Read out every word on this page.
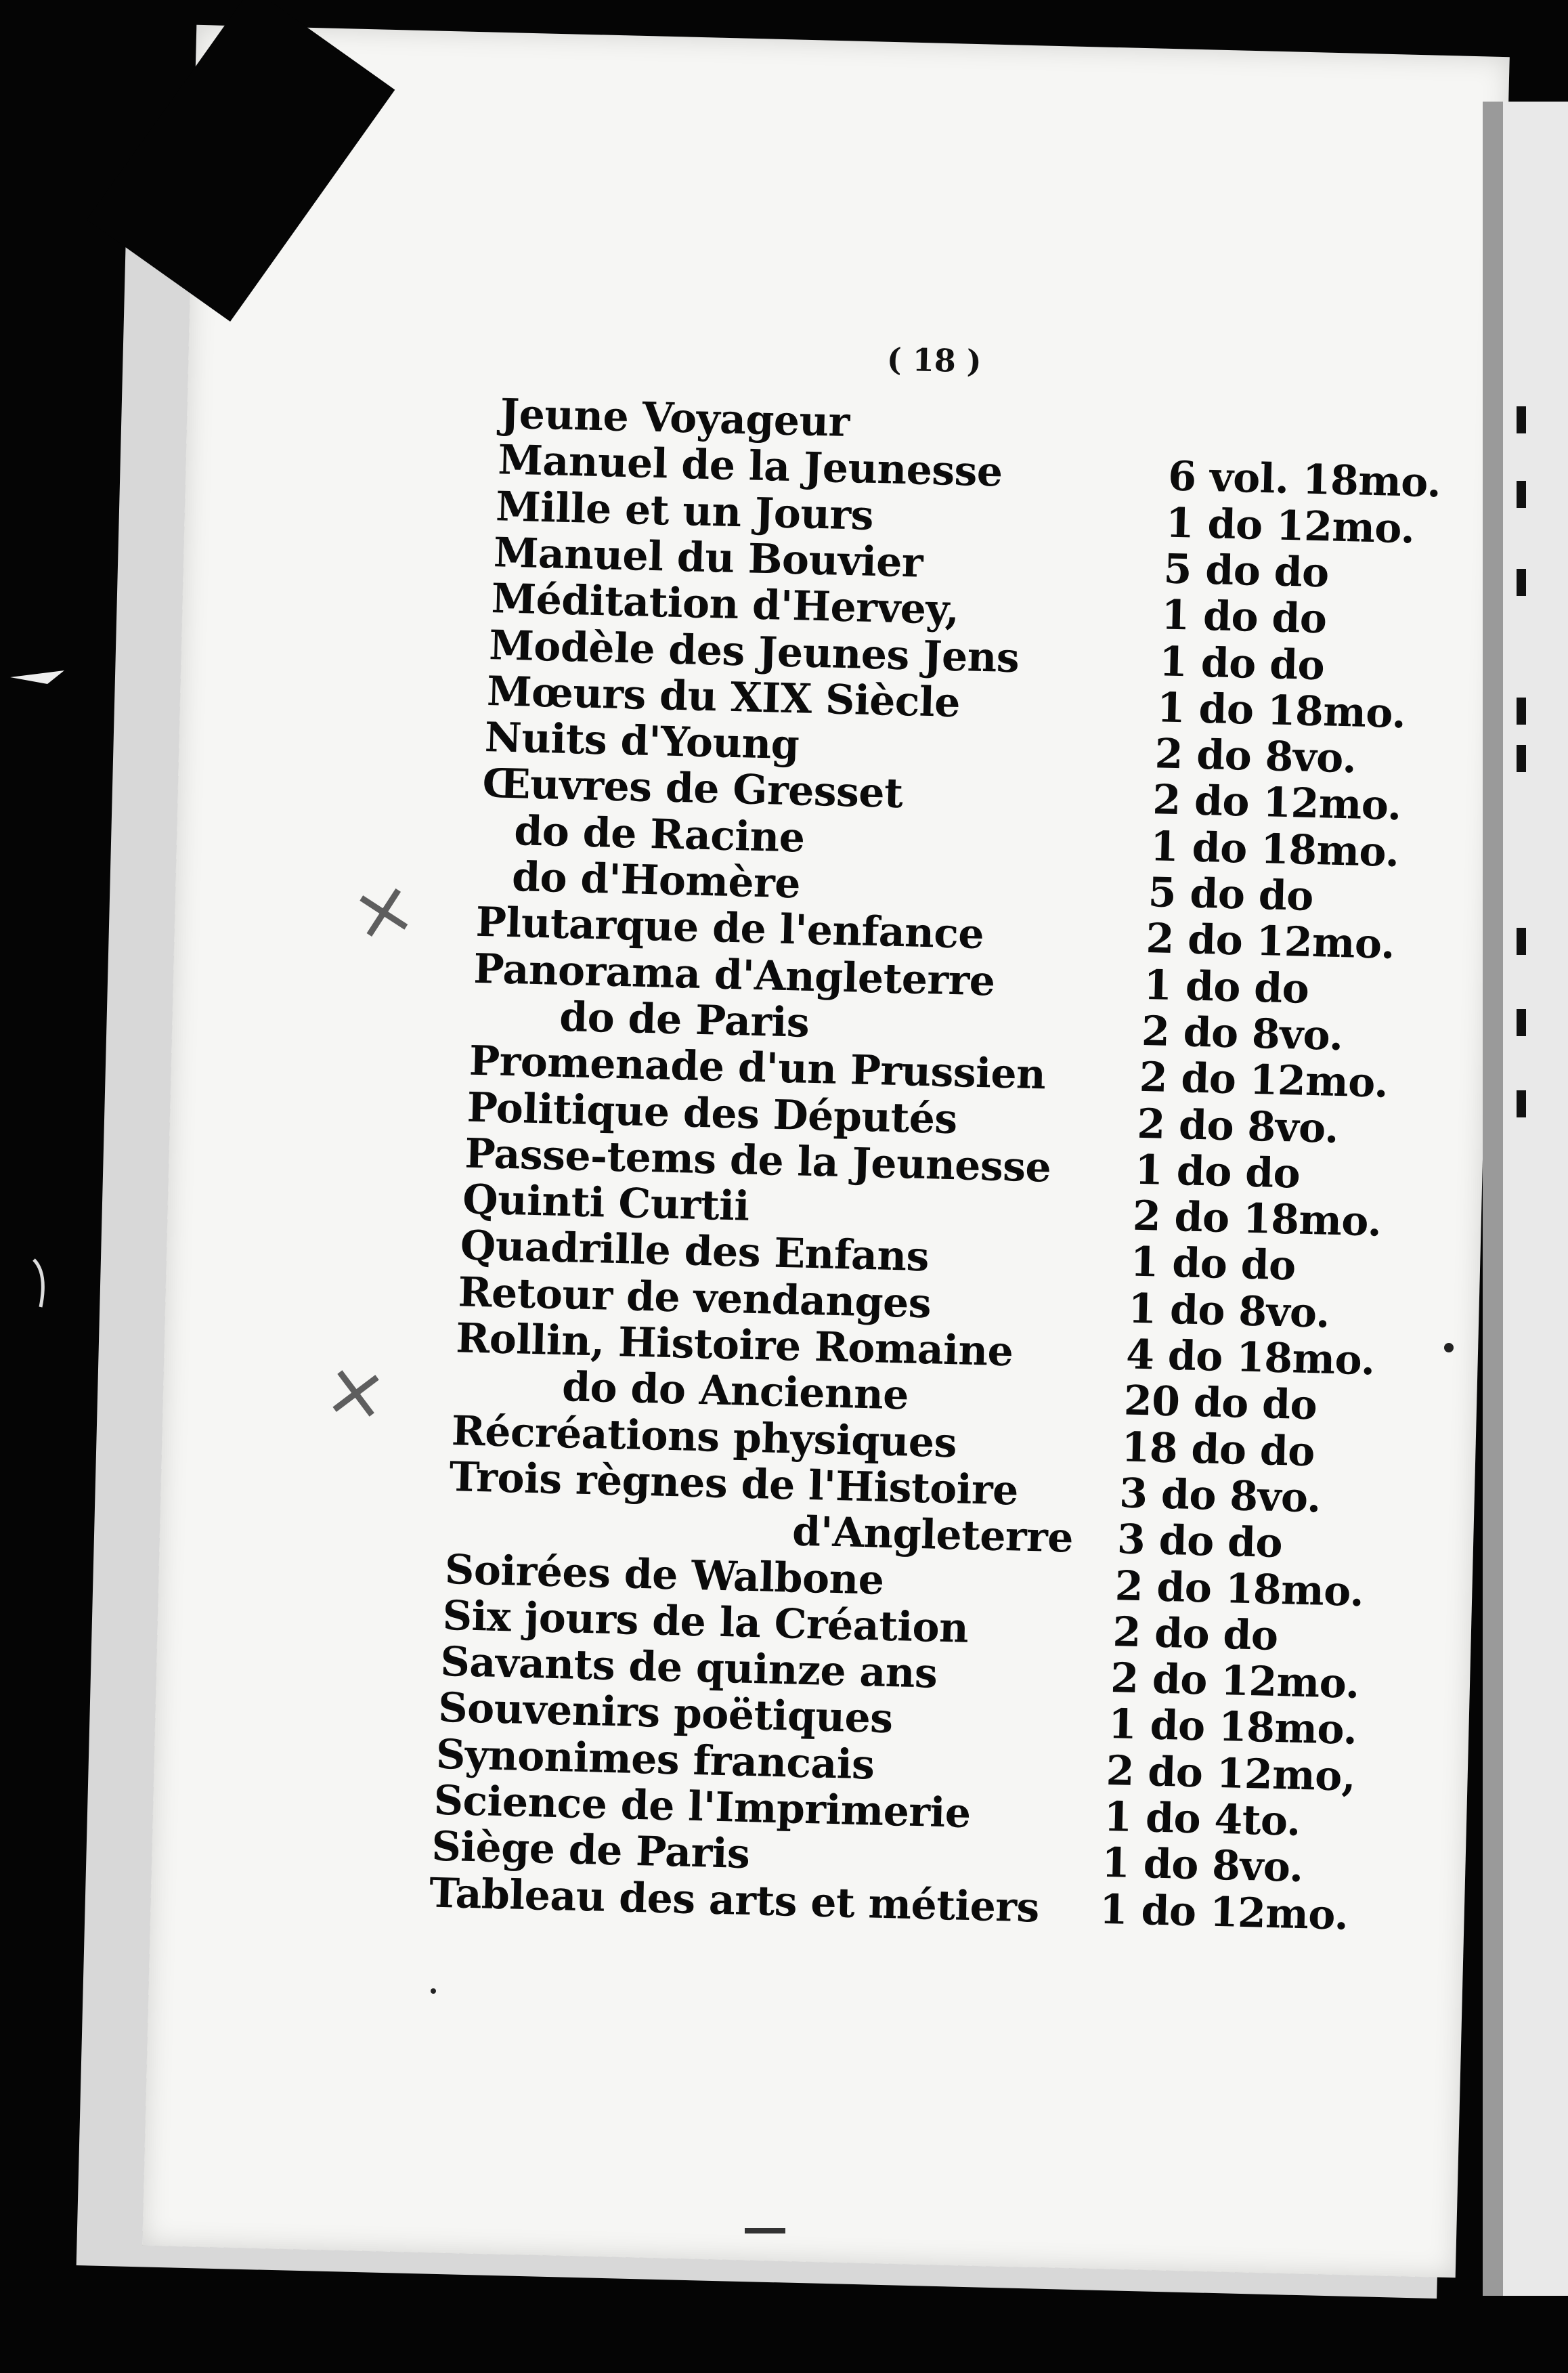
( 18 )
Jeune Voyageur
Manuel de la Jeunesse	6 vol. 18mo.
Mille et un Jours	1 do 12mo.
Manuel du Bouvier	5 do do
Méditation d'Hervey,	1 do do
Modèle des Jeunes Jens	1 do do
Mœurs du XIX Siècle	1 do 18mo.
Nuits d'Young	2 do 8vo.
Œuvres de Gresset	2 do 12mo.
do de Racine	1 do 18mo.
do d'Homère	5 do do
Plutarque de l'enfance	2 do 12mo.
Panorama d'Angleterre	1 do do
do de Paris	2 do 8vo.
Promenade d'un Prussien 2 do 12mo.
Politique des Députés	2 do 8vo.
Passe-tems de la Jeunesse 1 do do
Quinti Curtii	2 do 18mo.
Quadrille des Enfans	1 do do
Retour de vendanges	1 do 8vo.
Rollin, Histoire Romaine	4 do 18mo.
do do Ancienne	20 do do
Récréations physiques	18 do do
Trois règnes de l'Histoire 3 do 8vo.
d'Angleterre 3 do do
Soirées de Walbone	2 do 18mo.
Six jours de la Création	2 do do
Savants de quinze ans	2 do 12mo.
Souvenirs poëtiques	1 do 18mo.
Synonimes francais	2 do 12mo,
Science de l'Imprimerie	1 do 4to.
Siège de Paris	1 do 8vo.
Tableau des arts et métiers 1 do 12mo.
×
×
